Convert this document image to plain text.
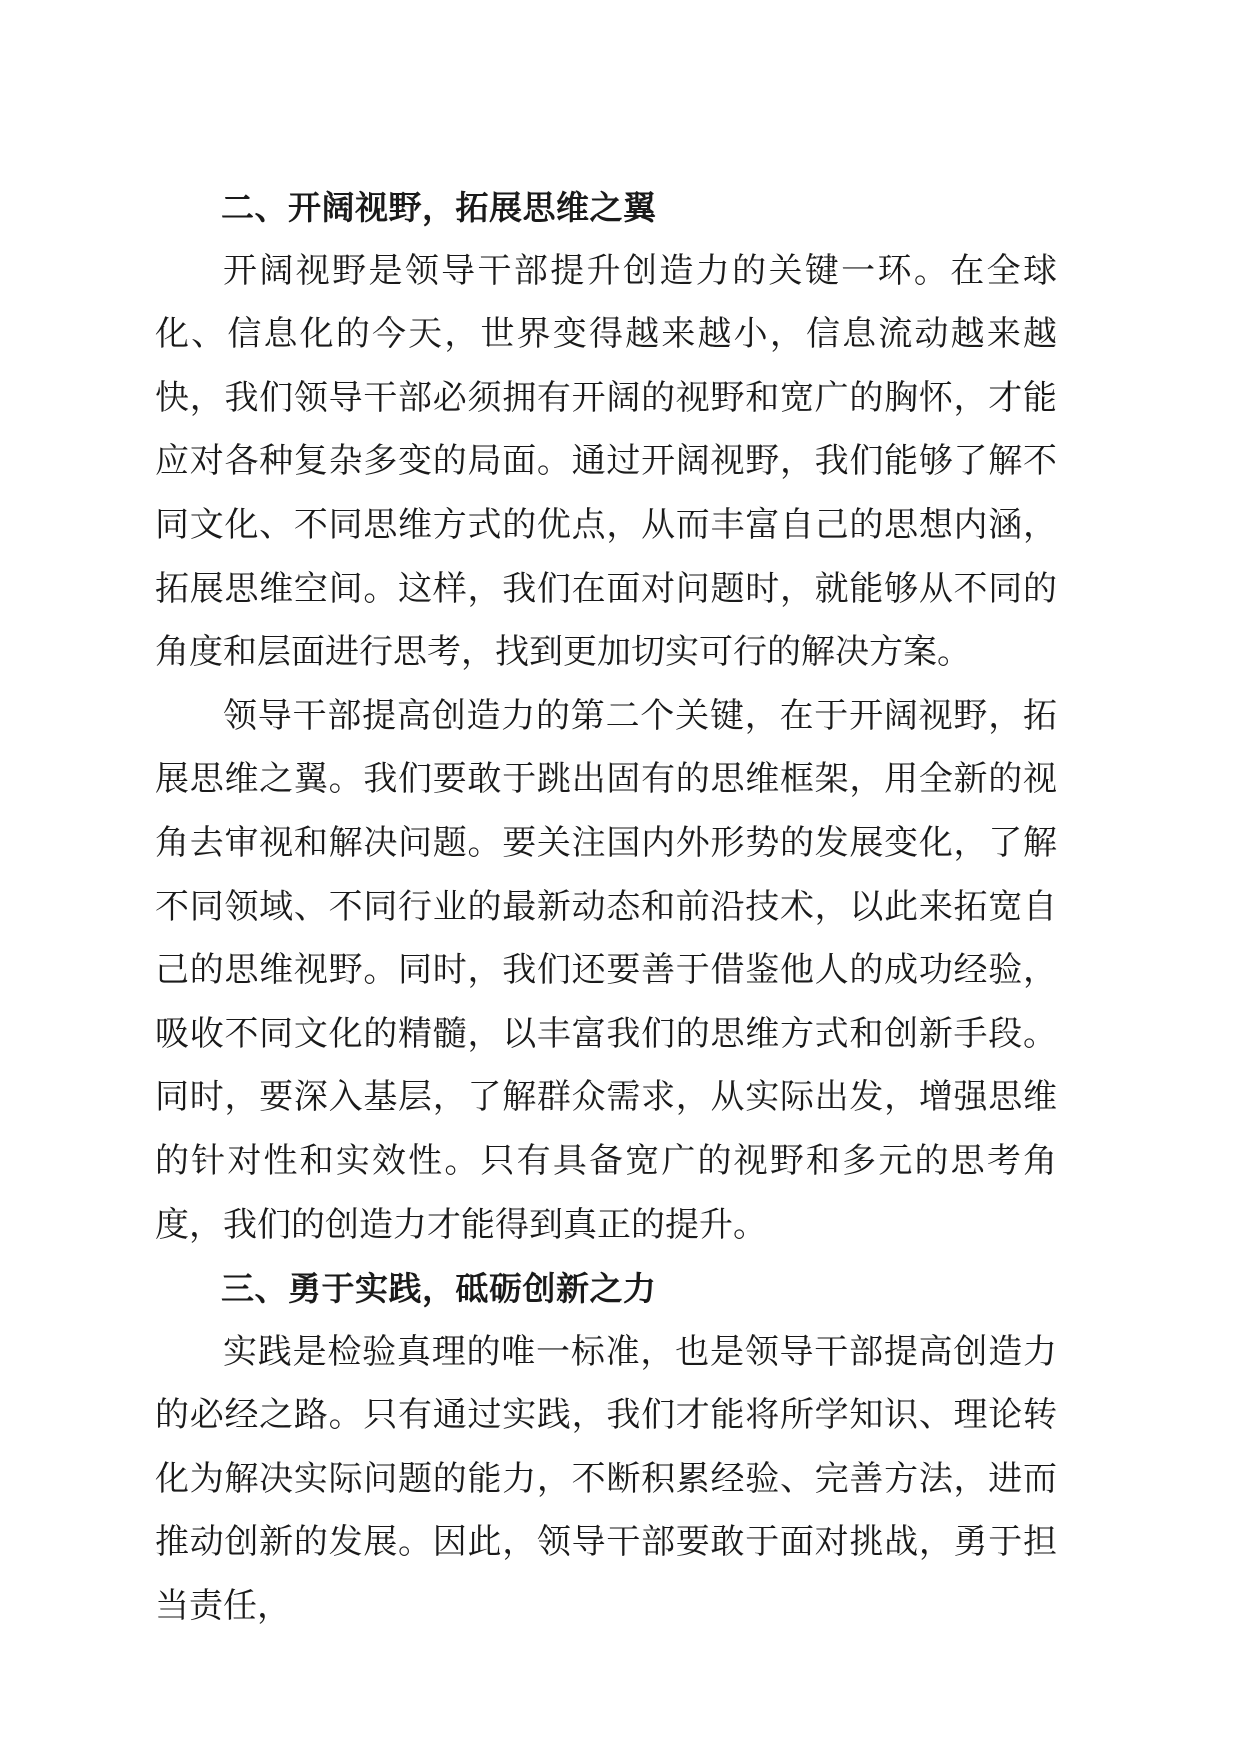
二、开阔视野，拓展思维之翼

开阔视野是领导干部提升创造力的关键一环。在全球化、信息化的今天，世界变得越来越小，信息流动越来越快，我们领导干部必须拥有开阔的视野和宽广的胸怀，才能应对各种复杂多变的局面。通过开阔视野，我们能够了解不同文化、不同思维方式的优点，从而丰富自己的思想内涵，拓展思维空间。这样，我们在面对问题时，就能够从不同的角度和层面进行思考，找到更加切实可行的解决方案。

领导干部提高创造力的第二个关键，在于开阔视野，拓展思维之翼。我们要敢于跳出固有的思维框架，用全新的视角去审视和解决问题。要关注国内外形势的发展变化，了解不同领域、不同行业的最新动态和前沿技术，以此来拓宽自己的思维视野。同时，我们还要善于借鉴他人的成功经验，吸收不同文化的精髓，以丰富我们的思维方式和创新手段。同时，要深入基层，了解群众需求，从实际出发，增强思维的针对性和实效性。只有具备宽广的视野和多元的思考角度，我们的创造力才能得到真正的提升。

三、勇于实践，砥砺创新之力

实践是检验真理的唯一标准，也是领导干部提高创造力的必经之路。只有通过实践，我们才能将所学知识、理论转化为解决实际问题的能力，不断积累经验、完善方法，进而推动创新的发展。因此，领导干部要敢于面对挑战，勇于担当责任，
